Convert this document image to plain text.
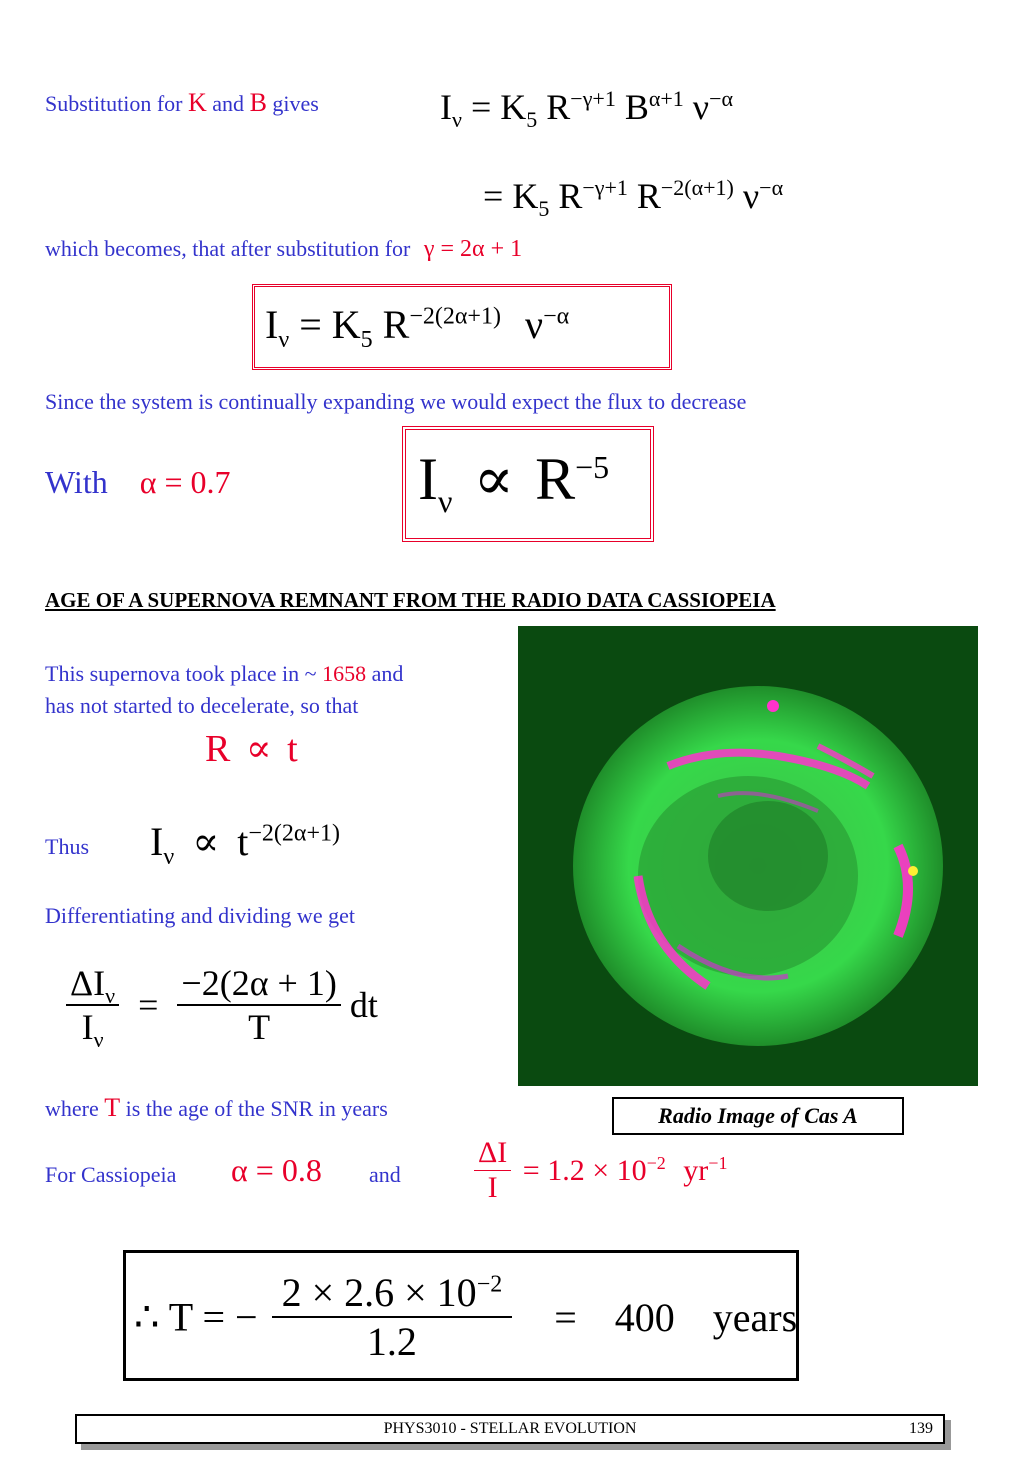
Substitution for K and B gives	$I_\nu = K_5$ $R^{-\gamma+1}$ $B^{\alpha+1}$ $\nu^{-\alpha}$
= $K_5$ $R^{-\gamma+1}$ $R^{-2(\alpha+1)}$ $\nu^{-\alpha}$
which becomes, that after substitution for γ = 2α + 1
$I_\nu = K_5$ $R^{-2(2\alpha+1)}$ $\nu^{-\alpha}$
Since the system is continually expanding we would expect the flux to decrease
With α = 0.7	$I_\nu \propto R^{-5}$
AGE OF A SUPERNOVA REMNANT FROM THE RADIO DATA CASSIOPEIA
This supernova took place in ~ 1658 and
has not started to decelerate, so that
R ∝ t
Thus $I_\nu \propto t^{-2(2\alpha+1)}$
Differentiating and dividing we get
$\frac{\Delta I_\nu}{I_\nu} = \frac{-2(2\alpha + 1)}{T}$ dt
where T is the age of the SNR in years	Radio Image of Cas A
For Cassiopeia α = 0.8 and $\frac{\Delta I}{I} = 1.2 \times 10^{-2}$ $yr^{-1}$
∴ T = − $\frac{2 \times 2.6 \times 10^{-2}}{1.2} = 400$ years
PHYS3010 - STELLAR EVOLUTION	139
